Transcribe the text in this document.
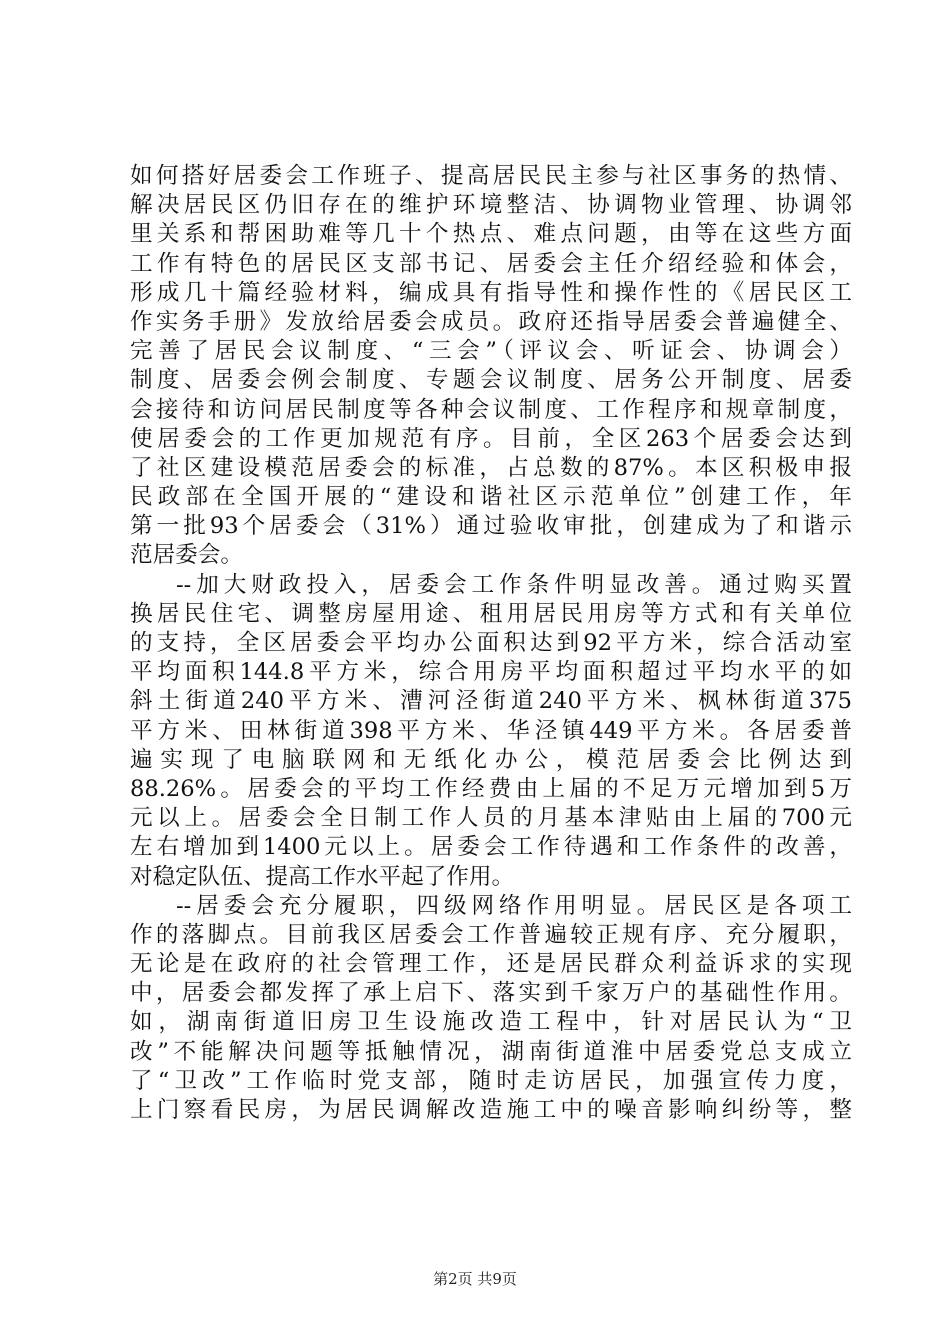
如何搭好居委会工作班子、提高居民民主参与社区事务的热情、
解决居民区仍旧存在的维护环境整洁、协调物业管理、协调邻
里关系和帮困助难等几十个热点、难点问题，由等在这些方面
工作有特色的居民区支部书记、居委会主任介绍经验和体会，
形成几十篇经验材料，编成具有指导性和操作性的《居民区工
作实务手册》发放给居委会成员。政府还指导居委会普遍健全、
完善了居民会议制度、“三会”（评议会、听证会、协调会）
制度、居委会例会制度、专题会议制度、居务公开制度、居委
会接待和访问居民制度等各种会议制度、工作程序和规章制度，
使居委会的工作更加规范有序。目前，全区263个居委会达到
了社区建设模范居委会的标准，占总数的87%。本区积极申报
民政部在全国开展的“建设和谐社区示范单位”创建工作，年
第一批93个居委会（31%）通过验收审批，创建成为了和谐示
范居委会。
--加大财政投入，居委会工作条件明显改善。通过购买置
换居民住宅、调整房屋用途、租用居民用房等方式和有关单位
的支持，全区居委会平均办公面积达到92平方米，综合活动室
平均面积144.8平方米，综合用房平均面积超过平均水平的如
斜土街道240平方米、漕河泾街道240平方米、枫林街道375
平方米、田林街道398平方米、华泾镇449平方米。各居委普
遍实现了电脑联网和无纸化办公，模范居委会比例达到
88.26%。居委会的平均工作经费由上届的不足万元增加到5万
元以上。居委会全日制工作人员的月基本津贴由上届的700元
左右增加到1400元以上。居委会工作待遇和工作条件的改善，
对稳定队伍、提高工作水平起了作用。
--居委会充分履职，四级网络作用明显。居民区是各项工
作的落脚点。目前我区居委会工作普遍较正规有序、充分履职，
无论是在政府的社会管理工作，还是居民群众利益诉求的实现
中，居委会都发挥了承上启下、落实到千家万户的基础性作用。
如，湖南街道旧房卫生设施改造工程中，针对居民认为“卫
改”不能解决问题等抵触情况，湖南街道淮中居委党总支成立
了“卫改”工作临时党支部，随时走访居民，加强宣传力度，
上门察看民房，为居民调解改造施工中的噪音影响纠纷等，整
第2页 共9页
